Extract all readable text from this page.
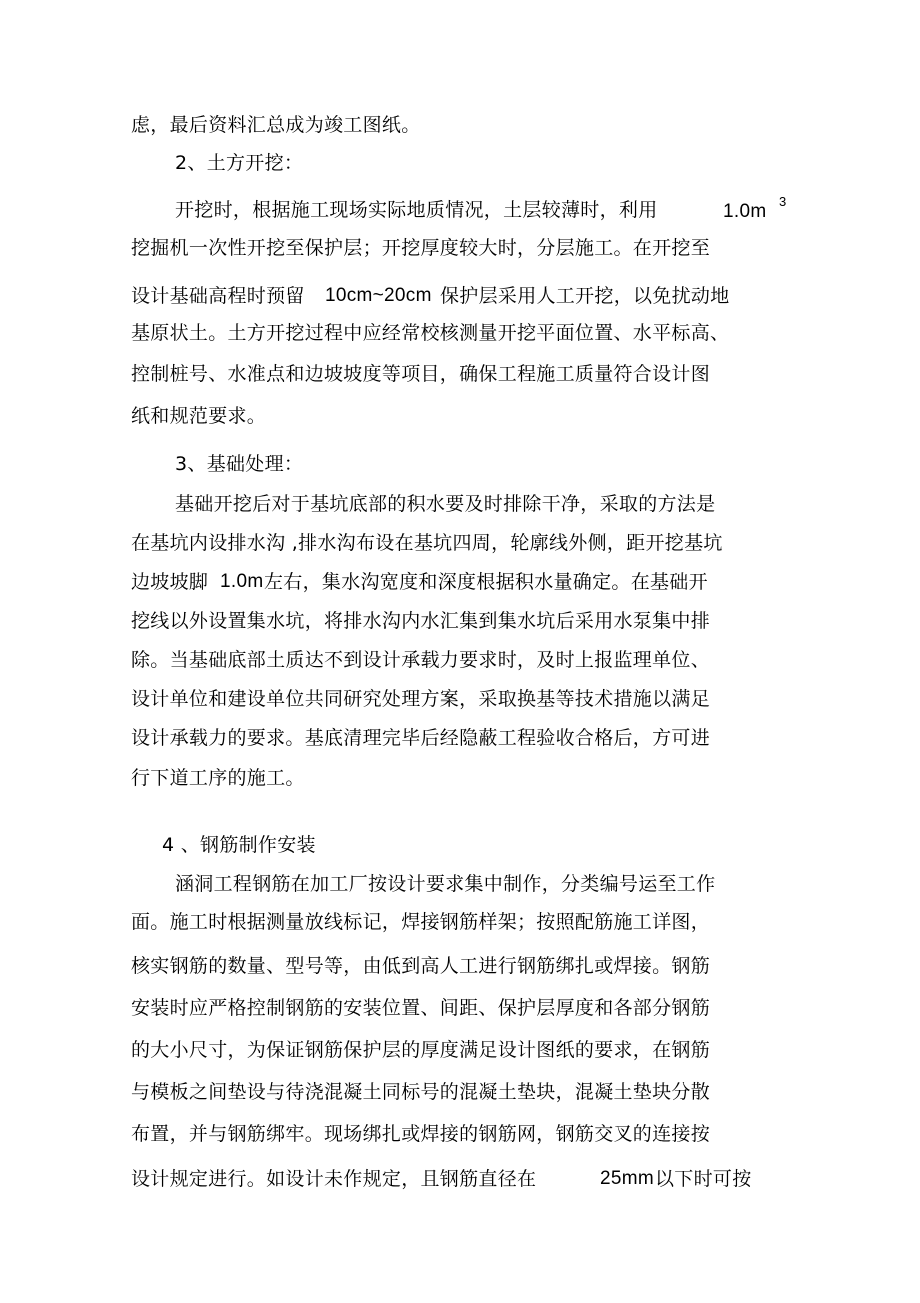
虑，最后资料汇总成为竣工图纸。
2、土方开挖：
开挖时，根据施工现场实际地质情况，土层较薄时，利用	1.0m 3
挖掘机一次性开挖至保护层；开挖厚度较大时，分层施工。在开挖至
设计基础高程时预留 10cm~20cm 保护层采用人工开挖，以免扰动地
基原状土。土方开挖过程中应经常校核测量开挖平面位置、水平标高、
控制桩号、水准点和边坡坡度等项目，确保工程施工质量符合设计图
纸和规范要求。
3、基础处理：
基础开挖后对于基坑底部的积水要及时排除干净，采取的方法是
在基坑内设排水沟 ,排水沟布设在基坑四周，轮廓线外侧，距开挖基坑
边坡坡脚 1.0m 左右，集水沟宽度和深度根据积水量确定。在基础开
挖线以外设置集水坑，将排水沟内水汇集到集水坑后采用水泵集中排
除。当基础底部土质达不到设计承载力要求时，及时上报监理单位、
设计单位和建设单位共同研究处理方案，采取换基等技术措施以满足
设计承载力的要求。基底清理完毕后经隐蔽工程验收合格后，方可进
行下道工序的施工。
4 、钢筋制作安装
涵洞工程钢筋在加工厂按设计要求集中制作，分类编号运至工作
面。施工时根据测量放线标记，焊接钢筋样架；按照配筋施工详图，
核实钢筋的数量、型号等，由低到高人工进行钢筋绑扎或焊接。钢筋
安装时应严格控制钢筋的安装位置、间距、保护层厚度和各部分钢筋
的大小尺寸，为保证钢筋保护层的厚度满足设计图纸的要求，在钢筋
与模板之间垫设与待浇混凝土同标号的混凝土垫块，混凝土垫块分散
布置，并与钢筋绑牢。现场绑扎或焊接的钢筋网，钢筋交叉的连接按
设计规定进行。如设计未作规定，且钢筋直径在	25mm 以下时可按
